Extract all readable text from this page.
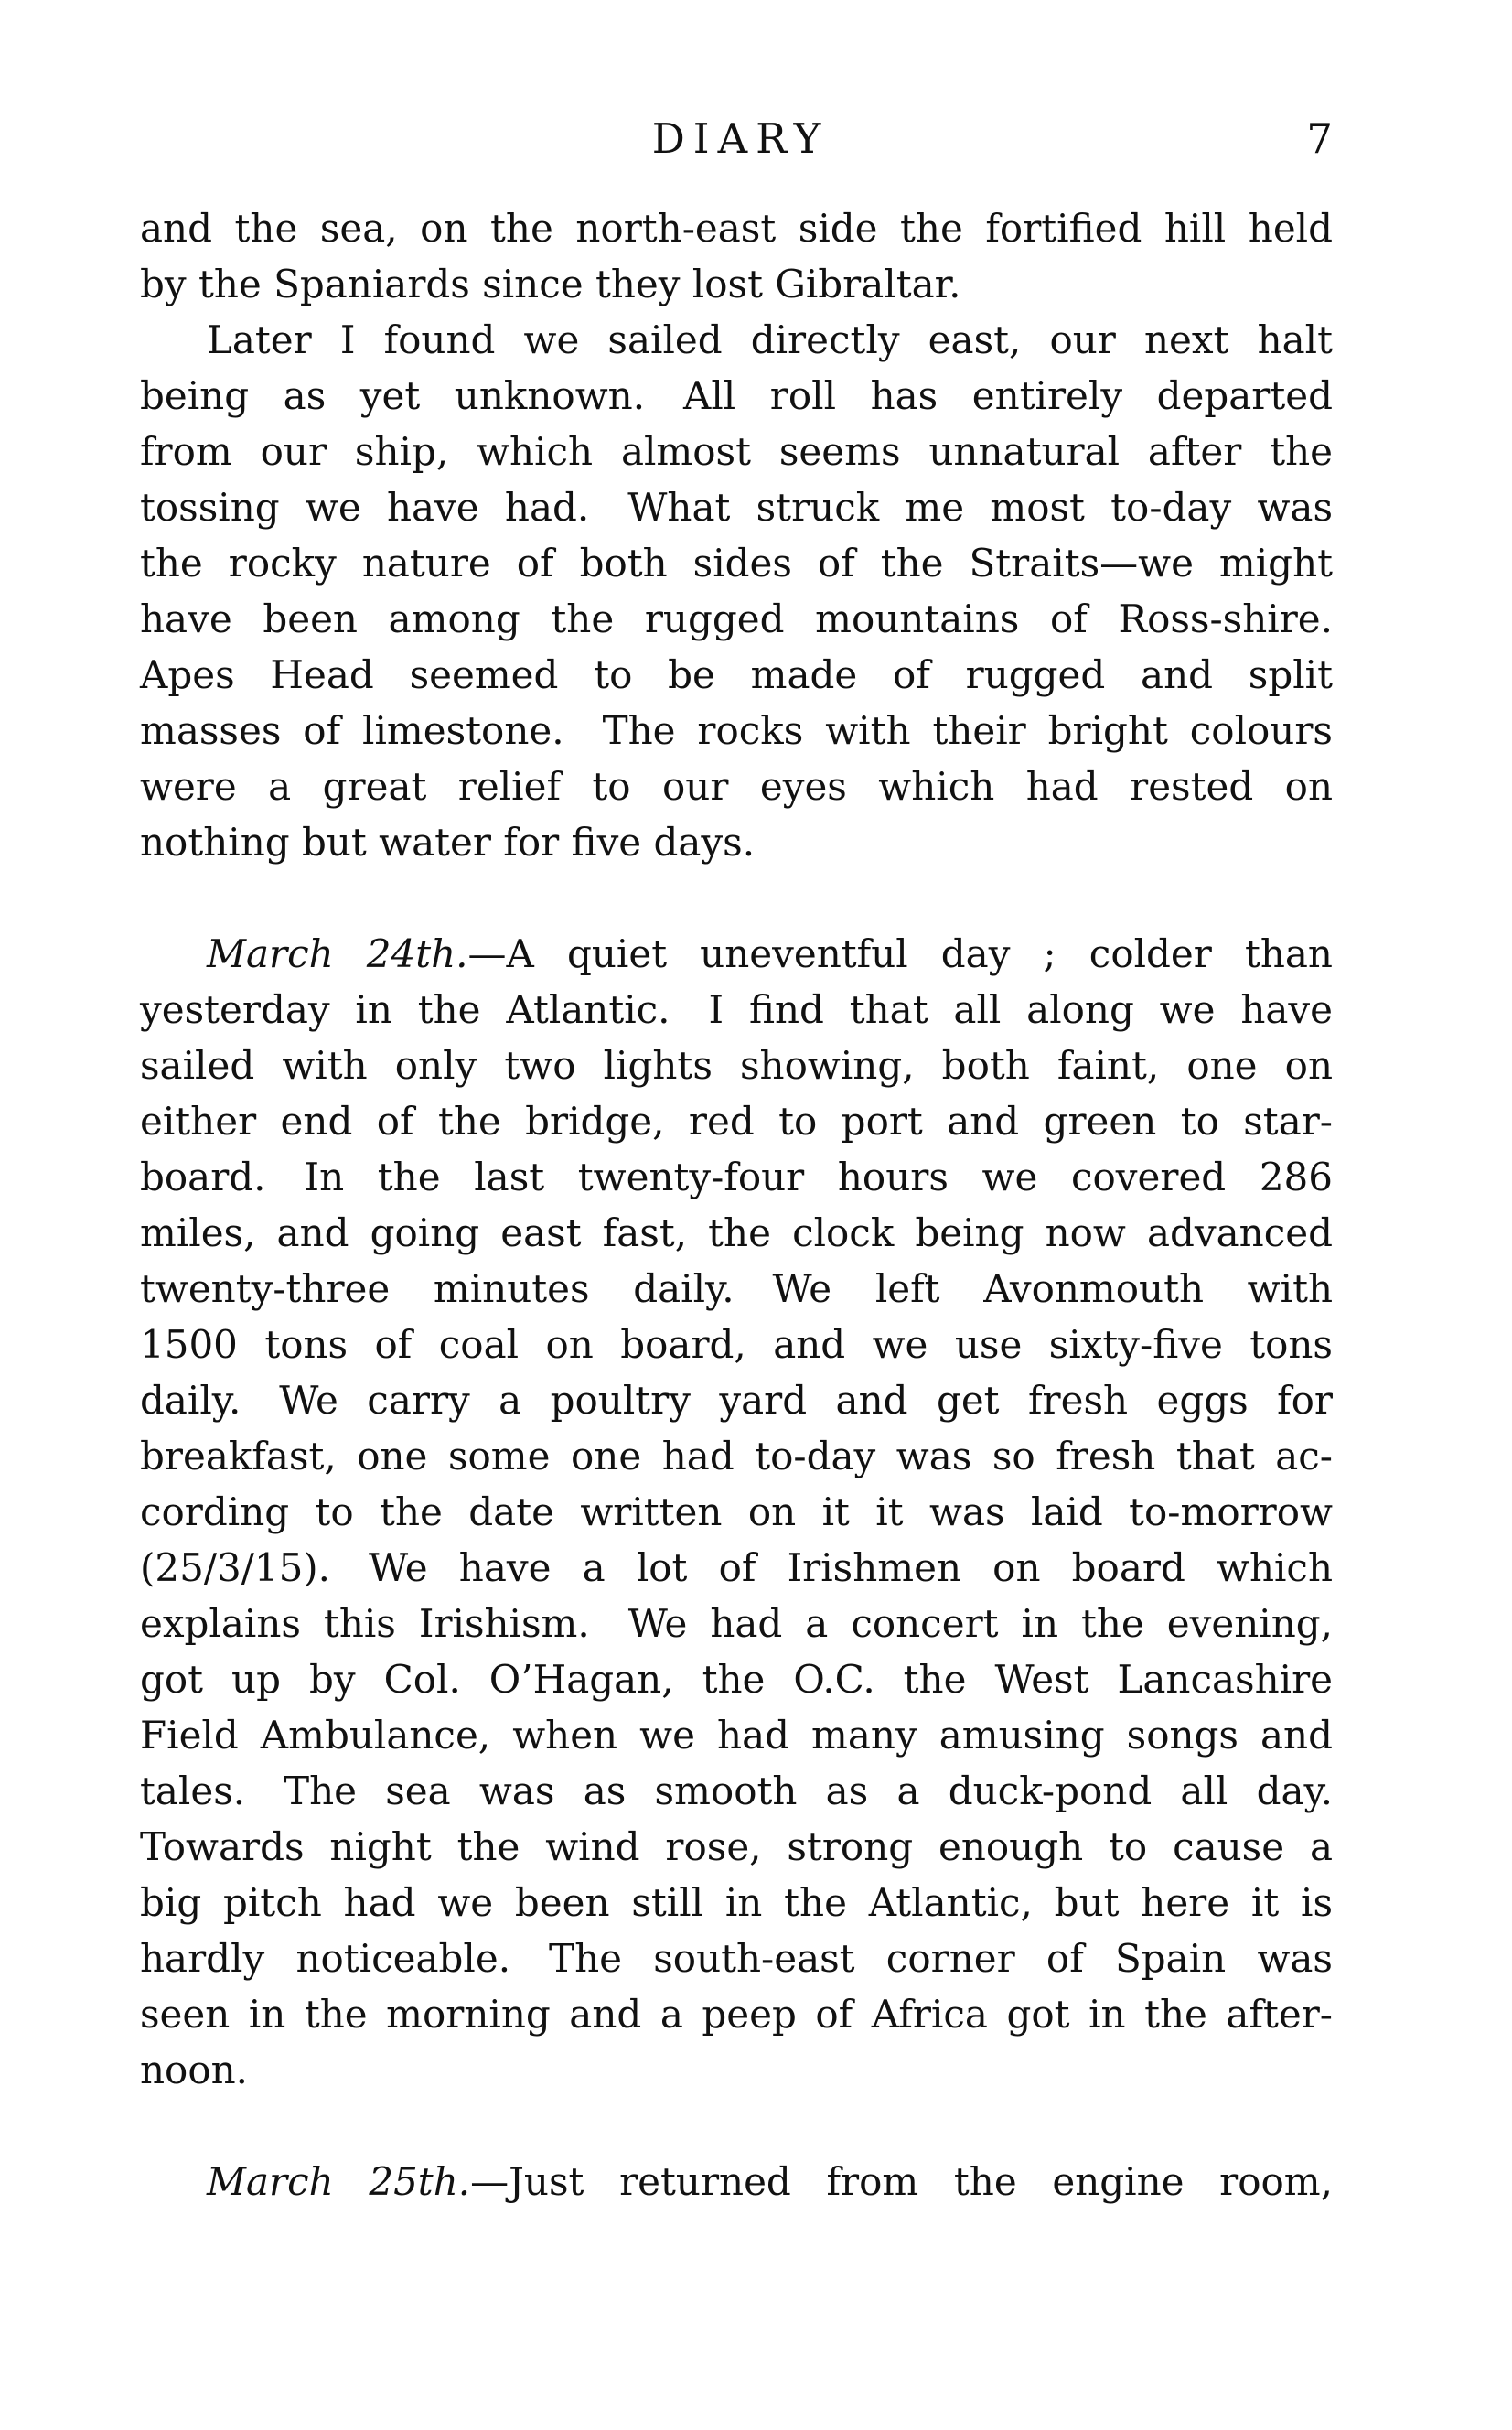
DIARY	7
and the sea, on the north-east side the fortified hill held
by the Spaniards since they lost Gibraltar.
Later I found we sailed directly east, our next halt
being as yet unknown. All roll has entirely departed
from our ship, which almost seems unnatural after the
tossing we have had. What struck me most to-day was
the rocky nature of both sides of the Straits—we might
have been among the rugged mountains of Ross-shire.
Apes Head seemed to be made of rugged and split
masses of limestone. The rocks with their bright colours
were a great relief to our eyes which had rested on
nothing but water for five days.
March 24th.—A quiet uneventful day ; colder than
yesterday in the Atlantic. I find that all along we have
sailed with only two lights showing, both faint, one on
either end of the bridge, red to port and green to star-
board. In the last twenty-four hours we covered 286
miles, and going east fast, the clock being now advanced
twenty-three minutes daily. We left Avonmouth with
1500 tons of coal on board, and we use sixty-five tons
daily. We carry a poultry yard and get fresh eggs for
breakfast, one some one had to-day was so fresh that ac-
cording to the date written on it it was laid to-morrow
(25/3/15). We have a lot of Irishmen on board which
explains this Irishism. We had a concert in the evening,
got up by Col. O’Hagan, the O.C. the West Lancashire
Field Ambulance, when we had many amusing songs and
tales. The sea was as smooth as a duck-pond all day.
Towards night the wind rose, strong enough to cause a
big pitch had we been still in the Atlantic, but here it is
hardly noticeable. The south-east corner of Spain was
seen in the morning and a peep of Africa got in the after-
noon.
March 25th.—Just returned from the engine room,
